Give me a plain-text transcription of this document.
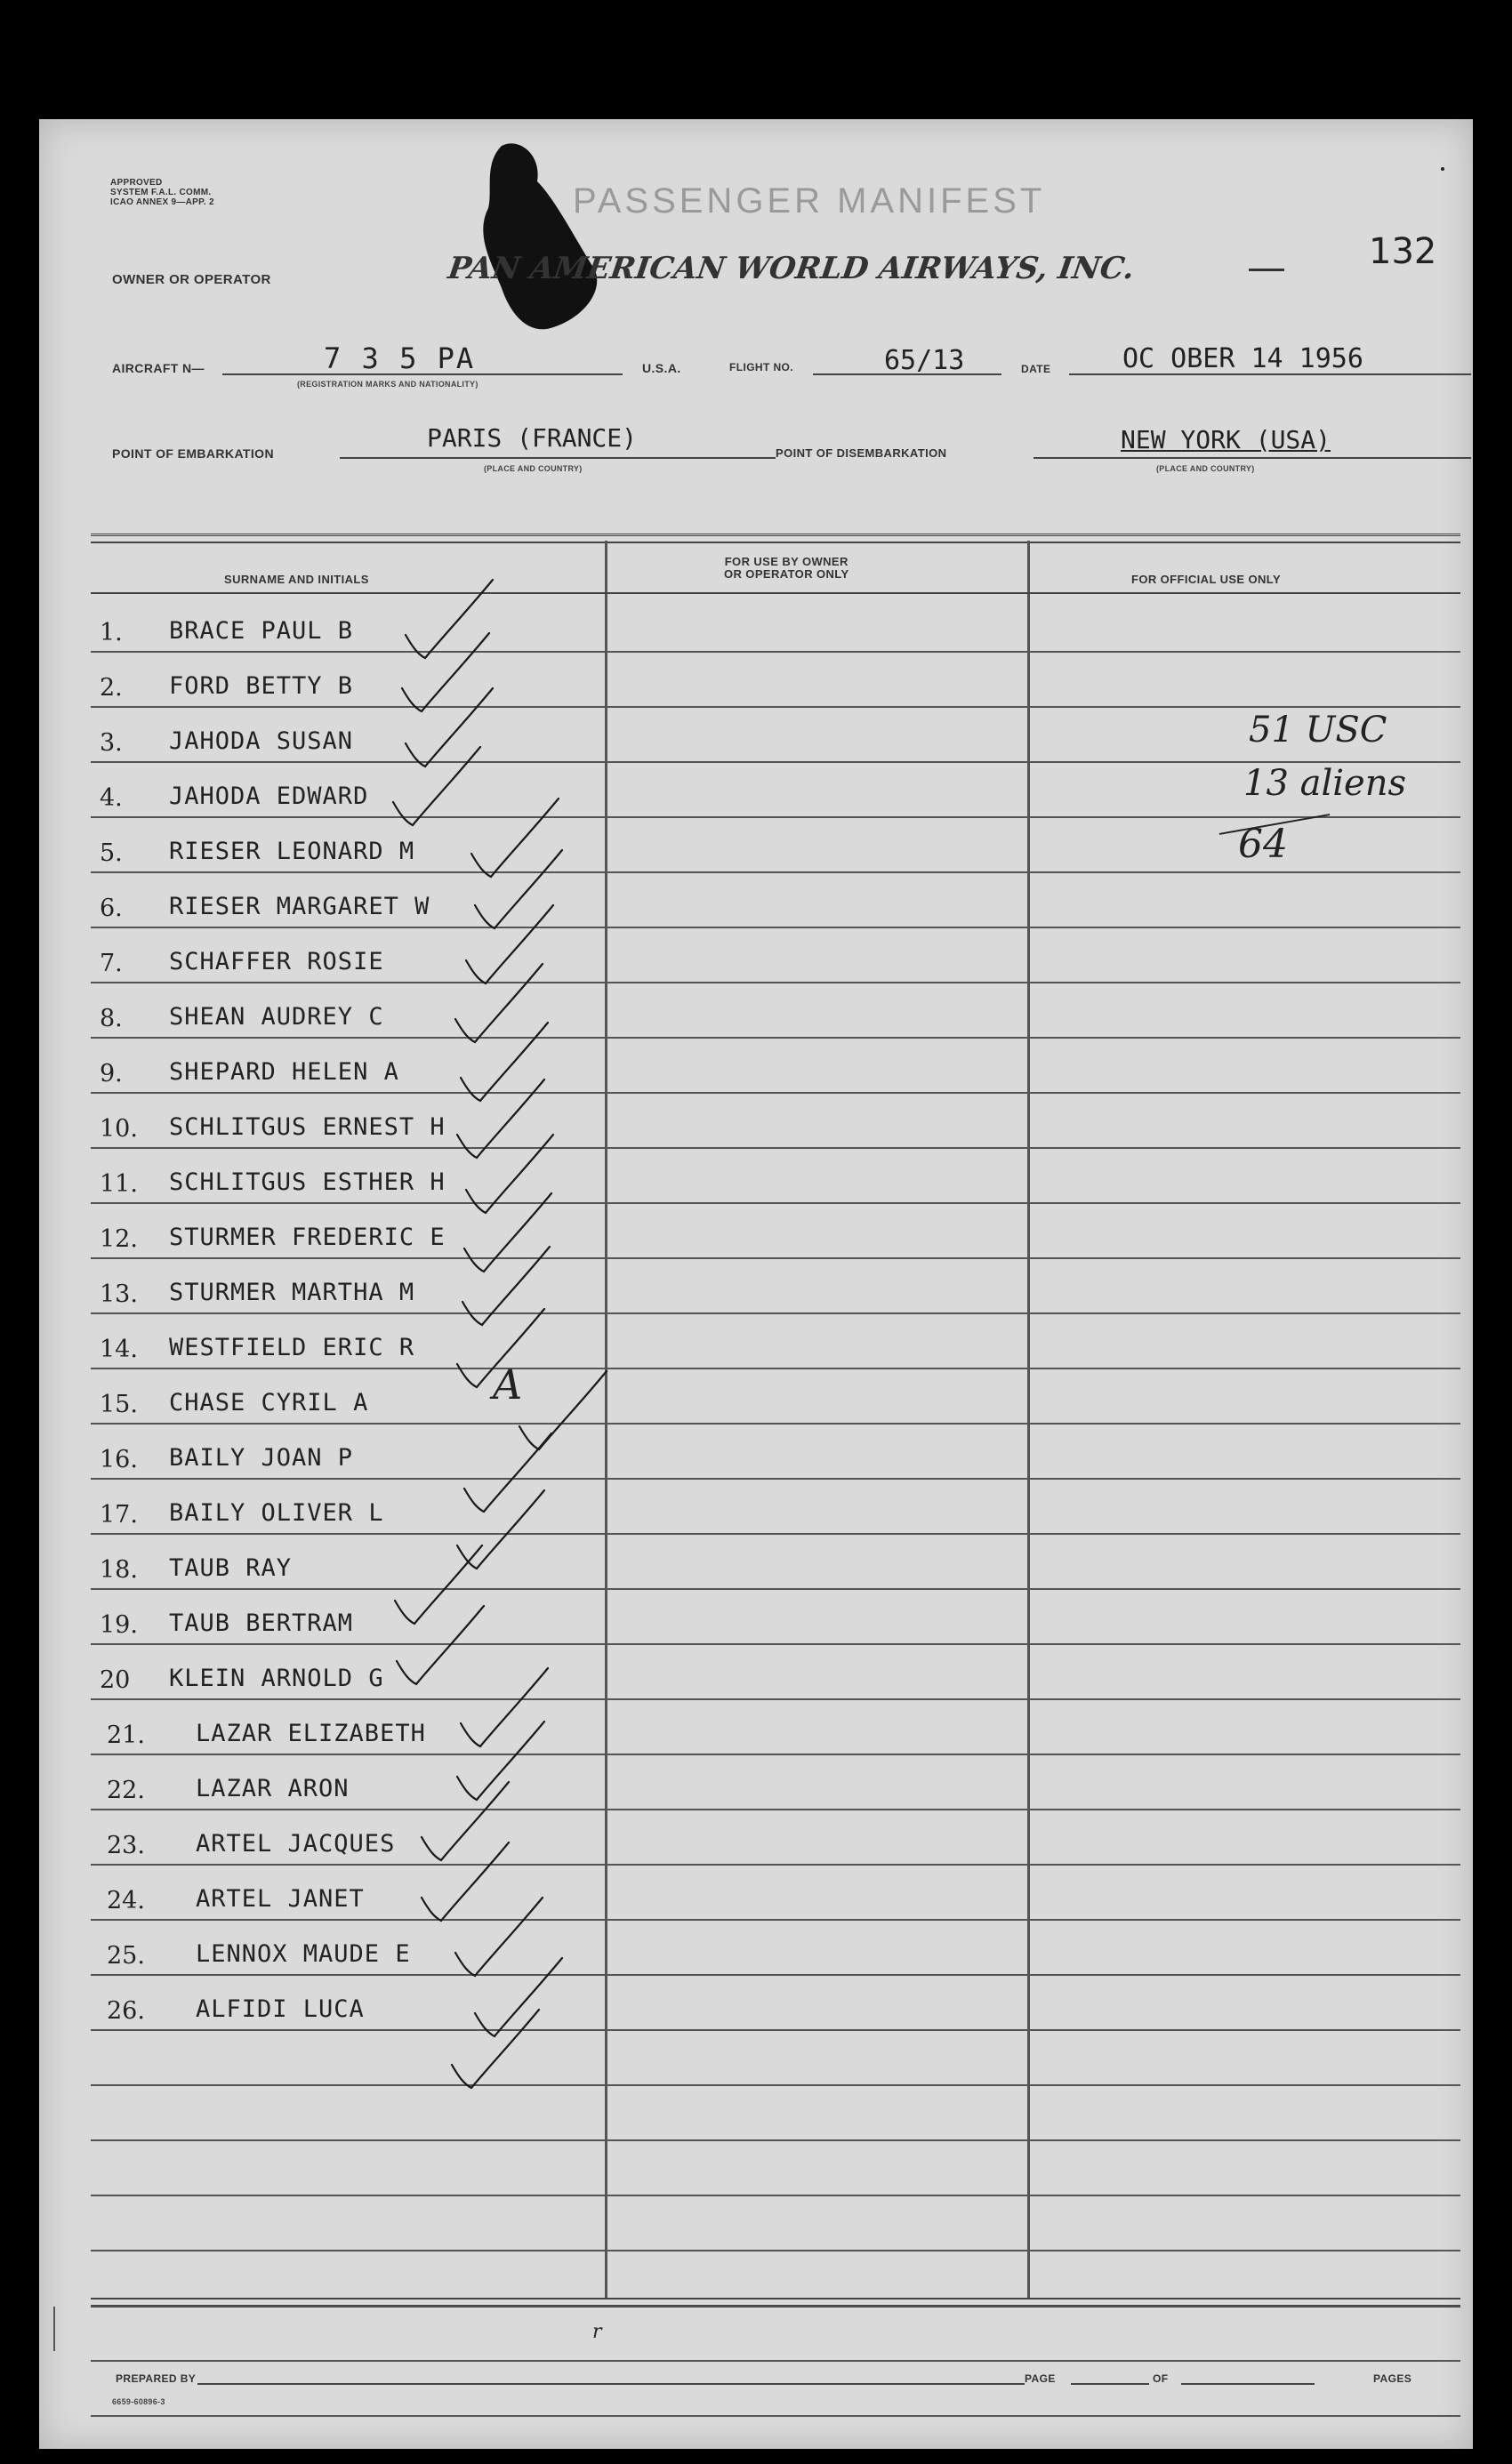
APPROVED
SYSTEM F.A.L. COMM.
ICAO ANNEX 9—APP. 2	PASSENGER MANIFEST
OWNER OR OPERATOR	PAN AMERICAN WORLD AIRWAYS, INC.	132
AIRCRAFT N—	7 3 5 PA
(REGISTRATION MARKS AND NATIONALITY)
U.S.A.	FLIGHT NO.	65/13	DATE	OC OBER 14 1956
POINT OF EMBARKATION
PARIS (FRANCE)
(PLACE AND COUNTRY)
POINT OF DISEMBARKATION	NEW YORK (USA)
(PLACE AND COUNTRY)
SURNAME AND INITIALS
FOR USE BY OWNER
OR OPERATOR ONLY	FOR OFFICIAL USE ONLY
1. BRACE PAUL B
2. FORD BETTY B
3. JAHODA SUSAN
4. JAHODA EDWARD
5. RIESER LEONARD M
6. RIESER MARGARET W
7. SCHAFFER ROSIE
8. SHEAN AUDREY C
9. SHEPARD HELEN A
10. SCHLITGUS ERNEST H
11. SCHLITGUS ESTHER H
12. STURMER FREDERIC E
13. STURMER MARTHA M
14. WESTFIELD ERIC R
15. CHASE CYRIL A
16. BAILY JOAN P
17. BAILY OLIVER L
18. TAUB RAY
19. TAUB BERTRAM
20 KLEIN ARNOLD G
21. LAZAR ELIZABETH
22. LAZAR ARON
23. ARTEL JACQUES
24. ARTEL JANET
25. LENNOX MAUDE E
26. ALFIDI LUCA
51 USC
13 aliens
64
A
r
PREPARED BY
6659-60896-3
PAGE	OF	PAGES
